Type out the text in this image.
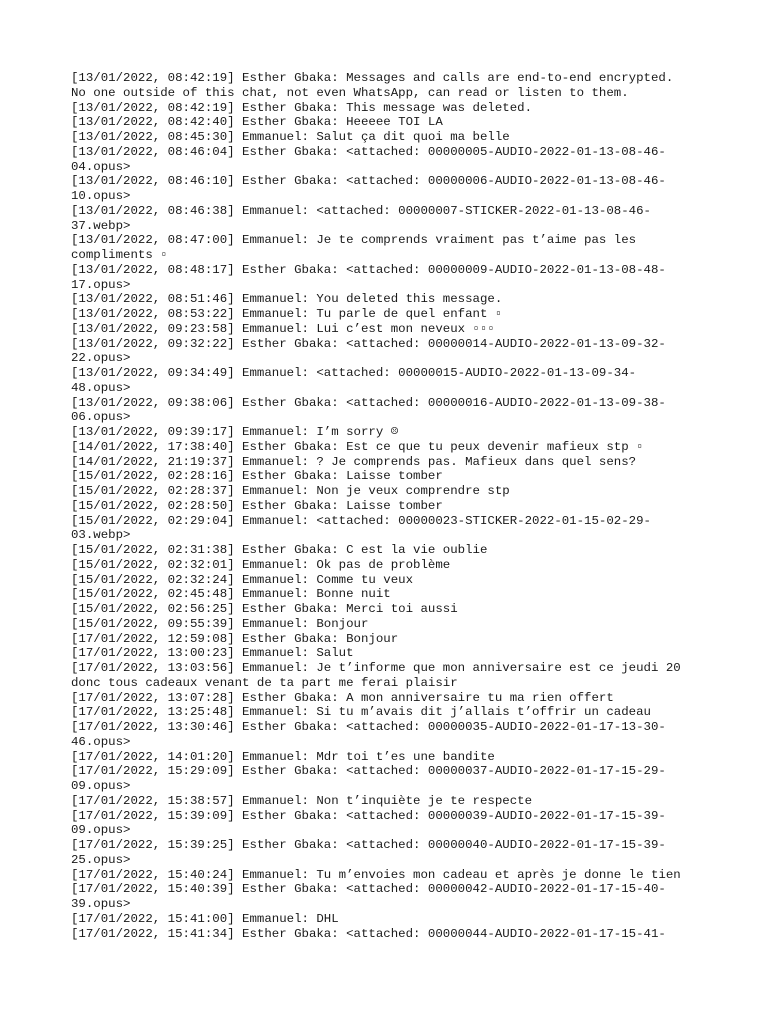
[13/01/2022, 08:42:19] Esther Gbaka: Messages and calls are end-to-end encrypted.
No one outside of this chat, not even WhatsApp, can read or listen to them.
[13/01/2022, 08:42:19] Esther Gbaka: This message was deleted.
[13/01/2022, 08:42:40] Esther Gbaka: Heeeee TOI LA
[13/01/2022, 08:45:30] Emmanuel: Salut ça dit quoi ma belle
[13/01/2022, 08:46:04] Esther Gbaka: <attached: 00000005-AUDIO-2022-01-13-08-46-
04.opus>
[13/01/2022, 08:46:10] Esther Gbaka: <attached: 00000006-AUDIO-2022-01-13-08-46-
10.opus>
[13/01/2022, 08:46:38] Emmanuel: <attached: 00000007-STICKER-2022-01-13-08-46-
37.webp>
[13/01/2022, 08:47:00] Emmanuel: Je te comprends vraiment pas t’aime pas les
compliments ▫
[13/01/2022, 08:48:17] Esther Gbaka: <attached: 00000009-AUDIO-2022-01-13-08-48-
17.opus>
[13/01/2022, 08:51:46] Emmanuel: You deleted this message.
[13/01/2022, 08:53:22] Emmanuel: Tu parle de quel enfant ▫
[13/01/2022, 09:23:58] Emmanuel: Lui c’est mon neveux ▫▫▫
[13/01/2022, 09:32:22] Esther Gbaka: <attached: 00000014-AUDIO-2022-01-13-09-32-
22.opus>
[13/01/2022, 09:34:49] Emmanuel: <attached: 00000015-AUDIO-2022-01-13-09-34-
48.opus>
[13/01/2022, 09:38:06] Esther Gbaka: <attached: 00000016-AUDIO-2022-01-13-09-38-
06.opus>
[13/01/2022, 09:39:17] Emmanuel: I’m sorry ☹
[14/01/2022, 17:38:40] Esther Gbaka: Est ce que tu peux devenir mafieux stp ▫
[14/01/2022, 21:19:37] Emmanuel: ? Je comprends pas. Mafieux dans quel sens?
[15/01/2022, 02:28:16] Esther Gbaka: Laisse tomber
[15/01/2022, 02:28:37] Emmanuel: Non je veux comprendre stp
[15/01/2022, 02:28:50] Esther Gbaka: Laisse tomber
[15/01/2022, 02:29:04] Emmanuel: <attached: 00000023-STICKER-2022-01-15-02-29-
03.webp>
[15/01/2022, 02:31:38] Esther Gbaka: C est la vie oublie
[15/01/2022, 02:32:01] Emmanuel: Ok pas de problème
[15/01/2022, 02:32:24] Emmanuel: Comme tu veux
[15/01/2022, 02:45:48] Emmanuel: Bonne nuit
[15/01/2022, 02:56:25] Esther Gbaka: Merci toi aussi
[15/01/2022, 09:55:39] Emmanuel: Bonjour
[17/01/2022, 12:59:08] Esther Gbaka: Bonjour
[17/01/2022, 13:00:23] Emmanuel: Salut
[17/01/2022, 13:03:56] Emmanuel: Je t’informe que mon anniversaire est ce jeudi 20
donc tous cadeaux venant de ta part me ferai plaisir
[17/01/2022, 13:07:28] Esther Gbaka: A mon anniversaire tu ma rien offert
[17/01/2022, 13:25:48] Emmanuel: Si tu m’avais dit j’allais t’offrir un cadeau
[17/01/2022, 13:30:46] Esther Gbaka: <attached: 00000035-AUDIO-2022-01-17-13-30-
46.opus>
[17/01/2022, 14:01:20] Emmanuel: Mdr toi t’es une bandite
[17/01/2022, 15:29:09] Esther Gbaka: <attached: 00000037-AUDIO-2022-01-17-15-29-
09.opus>
[17/01/2022, 15:38:57] Emmanuel: Non t’inquiète je te respecte
[17/01/2022, 15:39:09] Esther Gbaka: <attached: 00000039-AUDIO-2022-01-17-15-39-
09.opus>
[17/01/2022, 15:39:25] Esther Gbaka: <attached: 00000040-AUDIO-2022-01-17-15-39-
25.opus>
[17/01/2022, 15:40:24] Emmanuel: Tu m’envoies mon cadeau et après je donne le tien
[17/01/2022, 15:40:39] Esther Gbaka: <attached: 00000042-AUDIO-2022-01-17-15-40-
39.opus>
[17/01/2022, 15:41:00] Emmanuel: DHL
[17/01/2022, 15:41:34] Esther Gbaka: <attached: 00000044-AUDIO-2022-01-17-15-41-
